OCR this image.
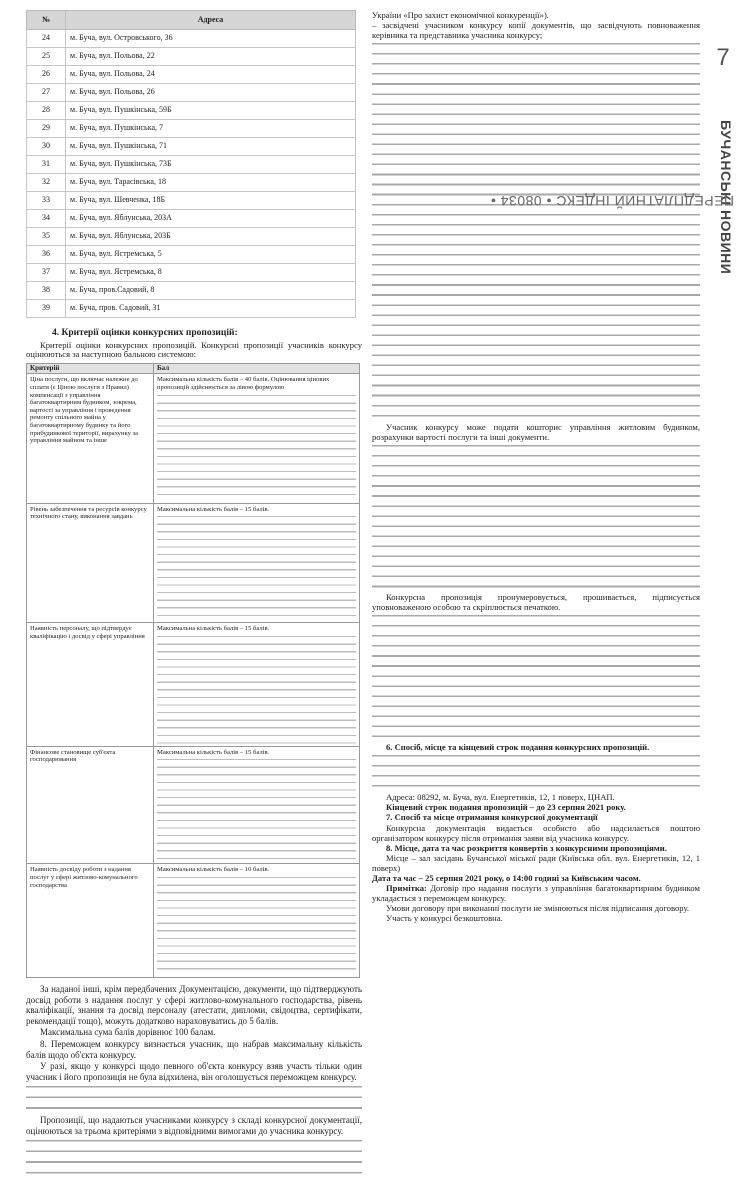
№	Адреса
24	м. Буча, вул. Островського, 36
25	м. Буча, вул. Польова, 22
26	м. Буча, вул. Польова, 24
27	м. Буча, вул. Польова, 26
28	м. Буча, вул. Пушкінська, 59Б
29	м. Буча, вул. Пушкінська, 7
30	м. Буча, вул. Пушкінська, 71
31	м. Буча, вул. Пушкінська, 73Б
32	м. Буча, вул. Тарасівська, 18
33	м. Буча, вул. Шевченка, 18Б
34	м. Буча, вул. Яблунська, 203А
35	м. Буча, вул. Яблунська, 203Б
36	м. Буча, вул. Ястремська, 5
37	м. Буча, вул. Ястремська, 8
38	м. Буча, пров.Садовий, 8
39	м. Буча, пров. Садовий, 31
4. Критерії оцінки конкурсних пропозицій:

Критерії оцінки конкурсних пропозицій. Конкурсні пропозиції учасників конкурсу оцінюються за наступною бальною системою:

Критерій	Бал
Ціна послуги, що включає належне до сплати (є Ціною послуги з Правил) компенсації з управління багатоквартирним будинком, зокрема, вартості за управління і проведення ремонту спільного майна у багатоквартирному будинку та його прибудинкової території, вирахунку за управління майном та інше	Максимальна кількість балів – 40 балів. Оцінювання цінових пропозицій здійснюється за лівою формулою

Рівень забезпечення та ресурсів конкурсу технічного стану, виконання завдань	Максимальна кількість балів – 15 балів.

Наявність персоналу, що підтвердує кваліфікацію і досвід у сфері управління	Максимальна кількість балів – 15 балів.

Фінансове становище суб'єкта господарювання	Максимальна кількість балів – 15 балів.

Наявність досвіду роботи з надання послуг у сфері житлово-комунального господарства	Максимальна кількість балів – 10 балів.

За наданої інші, крім передбачених Документацією, документи, що підтверджують досвід роботи з надання послуг у сфері житлово-комунального господарства, рівень кваліфікації, знання та досвід персоналу (атестати, дипломи, свідоцтва, сертифікати, рекомендації тощо), можуть додатково нараховуватись до 5 балів.

Максимальна сума балів дорівнює 100 балам.

8. Переможцем конкурсу визнається учасник, що набрав максимальну кількість балів щодо об'єкта конкурсу.

У разі, якщо у конкурсі щодо певного об'єкта конкурсу взяв участь тільки один учасник і його пропозиція не була відхилена, він оголошується переможцем конкурсу.

Пропозиції, що надаються учасниками конкурсу з складі конкурсної документації, оцінюються за трьома критеріями з відповідними вимогами до учасника конкурсу.

України «Про захист економічної конкуренції»).

– засвідчені учасником конкурсу копії документів, що засвідчують повноваження керівника та представника учасника конкурсу;

Учасник конкурсу може подати кошторис управління житловим будинком, розрахунки вартості послуги та інші документи.

Конкурсна пропозиція пронумеровується, прошивається, підписується уповноваженою особою та скріплюється печаткою.

6. Спосіб, місце та кінцевий строк подання конкурсних пропозицій.

Адреса: 08292, м. Буча, вул. Енергетиків, 12, 1 поверх, ЦНАП.

Кінцевий строк подання пропозицій – до 23 серпня 2021 року.

7. Спосіб та місце отримання конкурсної документації

Конкурсна документація видається особисто або надсилається поштою організатором конкурсу після отримання заяви від учасника конкурсу.

8. Місце, дата та час розкриття конвертів з конкурсними пропозиціями.

Місце – зал засідань Бучанської міської ради (Київська обл. вул. Енергетиків, 12, 1 поверх)

Дата та час – 25 серпня 2021 року, о 14:00 годині за Київським часом.

Примітка: Договір про надання послуги з управління багатоквартирним будинком укладається з переможцем конкурсу.

Умови договору при виконанні послуги не змінюються після підписання договору.

Участь у конкурсі безкоштовна.

7
ПЕРЕДПЛАТНИЙ ІНДЕКС • 08034 •
БУЧАНСЬКІ НОВИНИ
